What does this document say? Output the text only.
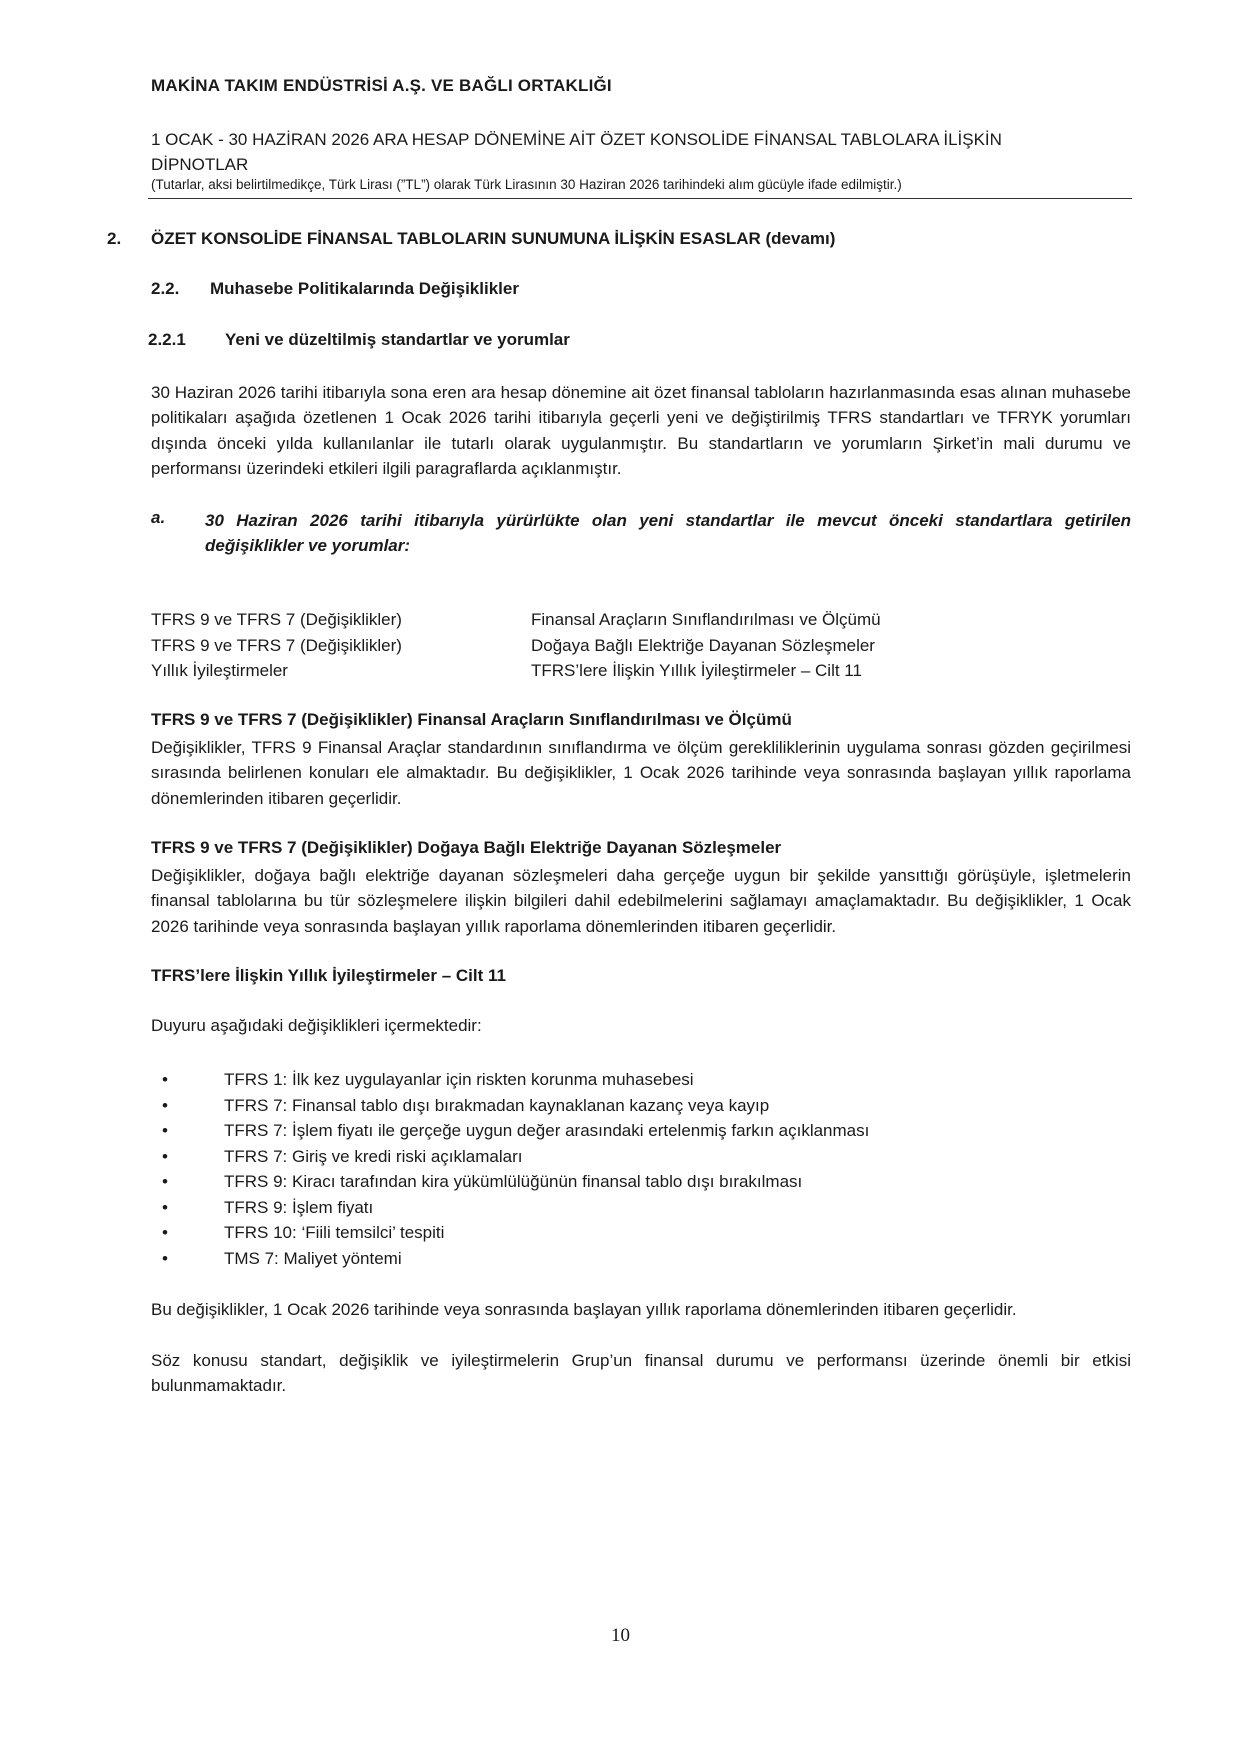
MAKİNA TAKIM ENDÜSTRİSİ A.Ş. VE BAĞLI ORTAKLIĞI
1 OCAK - 30 HAZİRAN 2026 ARA HESAP DÖNEMİNE AİT ÖZET KONSOLİDE FİNANSAL TABLOLARA İLİŞKİN DİPNOTLAR
(Tutarlar, aksi belirtilmedikçe, Türk Lirası (”TL”) olarak Türk Lirasının 30 Haziran 2026 tarihindeki alım gücüyle ifade edilmiştir.)
2. ÖZET KONSOLİDE FİNANSAL TABLOLARIN SUNUMUNA İLİŞKİN ESASLAR (devamı)
2.2. Muhasebe Politikalarında Değişiklikler
2.2.1 Yeni ve düzeltilmiş standartlar ve yorumlar

30 Haziran 2026 tarihi itibarıyla sona eren ara hesap dönemine ait özet finansal tabloların hazırlanmasında esas alınan muhasebe politikaları aşağıda özetlenen 1 Ocak 2026 tarihi itibarıyla geçerli yeni ve değiştirilmiş TFRS standartları ve TFRYK yorumları dışında önceki yılda kullanılanlar ile tutarlı olarak uygulanmıştır. Bu standartların ve yorumların Şirket’in mali durumu ve performansı üzerindeki etkileri ilgili paragraflarda açıklanmıştır.

a. 30 Haziran 2026 tarihi itibarıyla yürürlükte olan yeni standartlar ile mevcut önceki standartlara getirilen değişiklikler ve yorumlar:
TFRS 9 ve TFRS 7 (Değişiklikler)	Finansal Araçların Sınıflandırılması ve Ölçümü
TFRS 9 ve TFRS 7 (Değişiklikler)	Doğaya Bağlı Elektriğe Dayanan Sözleşmeler
Yıllık İyileştirmeler	TFRS’lere İlişkin Yıllık İyileştirmeler – Cilt 11
TFRS 9 ve TFRS 7 (Değişiklikler) Finansal Araçların Sınıflandırılması ve Ölçümü

Değişiklikler, TFRS 9 Finansal Araçlar standardının sınıflandırma ve ölçüm gerekliliklerinin uygulama sonrası gözden geçirilmesi sırasında belirlenen konuları ele almaktadır. Bu değişiklikler, 1 Ocak 2026 tarihinde veya sonrasında başlayan yıllık raporlama dönemlerinden itibaren geçerlidir.

TFRS 9 ve TFRS 7 (Değişiklikler) Doğaya Bağlı Elektriğe Dayanan Sözleşmeler

Değişiklikler, doğaya bağlı elektriğe dayanan sözleşmeleri daha gerçeğe uygun bir şekilde yansıttığı görüşüyle, işletmelerin finansal tablolarına bu tür sözleşmelere ilişkin bilgileri dahil edebilmelerini sağlamayı amaçlamaktadır. Bu değişiklikler, 1 Ocak 2026 tarihinde veya sonrasında başlayan yıllık raporlama dönemlerinden itibaren geçerlidir.

TFRS’lere İlişkin Yıllık İyileştirmeler – Cilt 11
Duyuru aşağıdaki değişiklikleri içermektedir:
•	TFRS 1: İlk kez uygulayanlar için riskten korunma muhasebesi
•	TFRS 7: Finansal tablo dışı bırakmadan kaynaklanan kazanç veya kayıp
•	TFRS 7: İşlem fiyatı ile gerçeğe uygun değer arasındaki ertelenmiş farkın açıklanması
•	TFRS 7: Giriş ve kredi riski açıklamaları
•	TFRS 9: Kiracı tarafından kira yükümlülüğünün finansal tablo dışı bırakılması
•	TFRS 9: İşlem fiyatı
•	TFRS 10: ‘Fiili temsilci’ tespiti
•	TMS 7: Maliyet yöntemi

Bu değişiklikler, 1 Ocak 2026 tarihinde veya sonrasında başlayan yıllık raporlama dönemlerinden itibaren geçerlidir.

Söz konusu standart, değişiklik ve iyileştirmelerin Grup’un finansal durumu ve performansı üzerinde önemli bir etkisi bulunmamaktadır.

10
